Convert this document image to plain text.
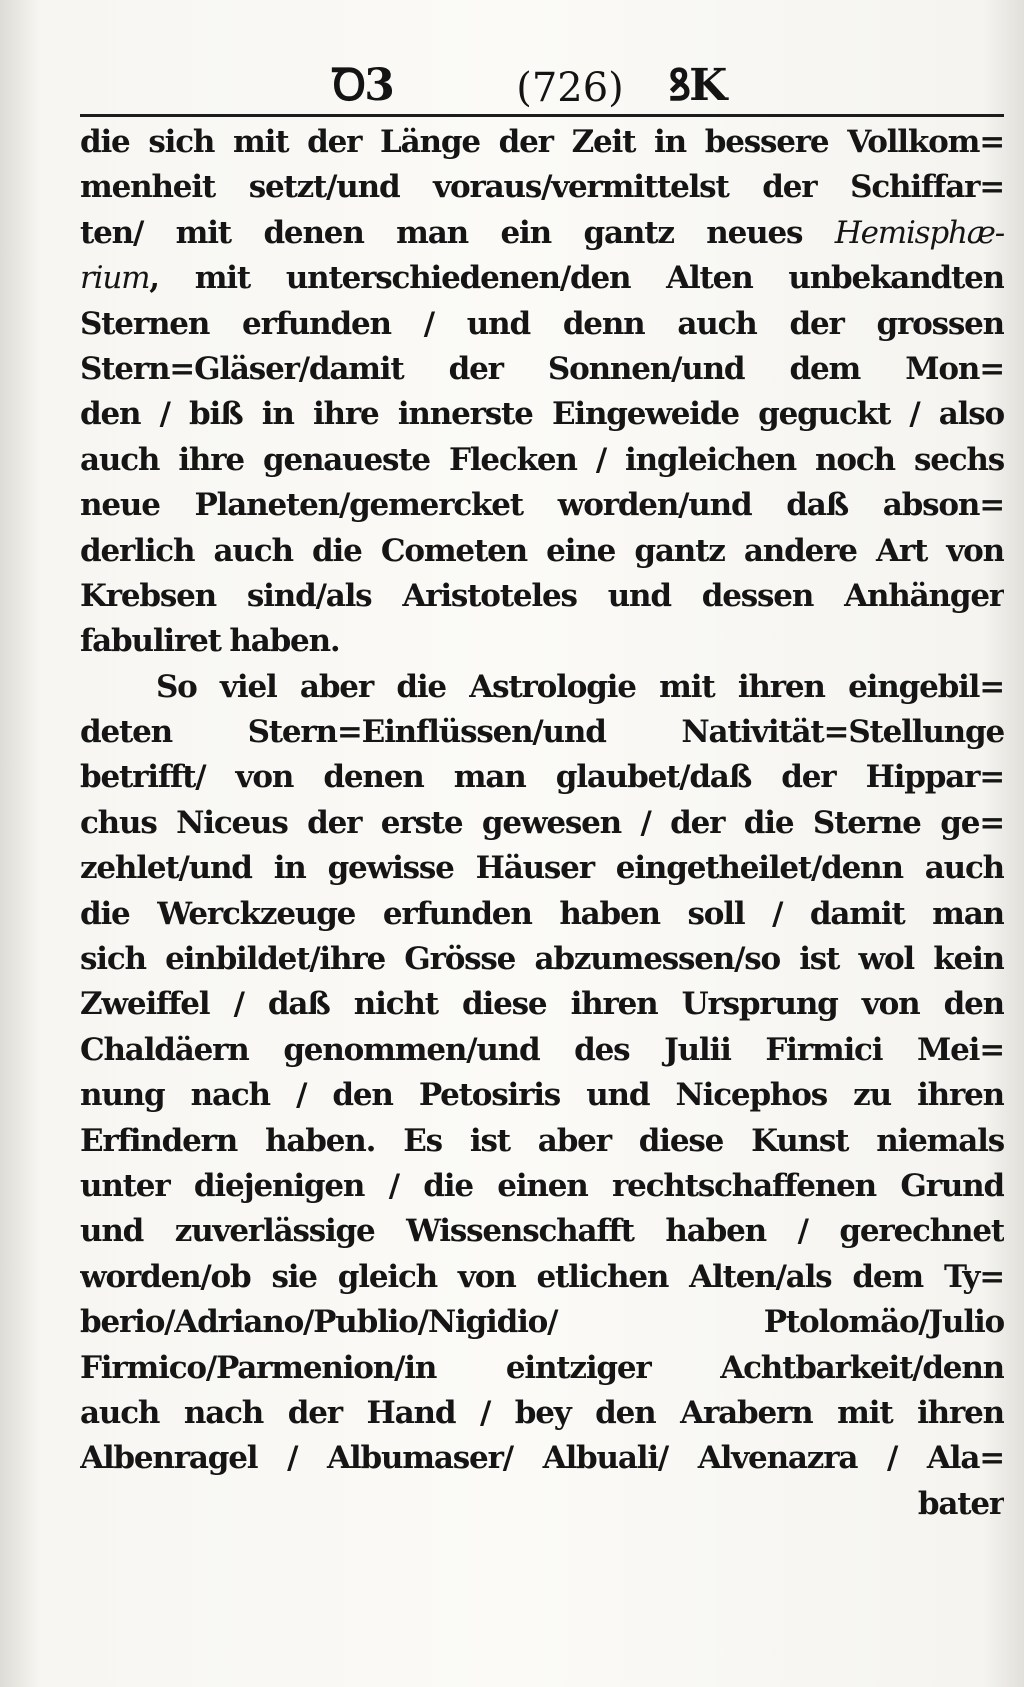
Ꝺ3	(726)	ꝸK
die sich mit der Länge der Zeit in bessere Vollkom=
menheit setzt/und voraus/vermittelst der Schiffar=
ten/ mit denen man ein gantz neues Hemisphæ-
rium, mit unterschiedenen/den Alten unbekandten
Sternen erfunden / und denn auch der grossen
Stern=Gläser/damit der Sonnen/und dem Mon=
den / biß in ihre innerste Eingeweide geguckt / also
auch ihre genaueste Flecken / ingleichen noch sechs
neue Planeten/gemercket worden/und daß abson=
derlich auch die Cometen eine gantz andere Art von
Krebsen sind/als Aristoteles und dessen Anhänger
fabuliret haben.
So viel aber die Astrologie mit ihren eingebil=
deten Stern=Einflüssen/und Nativität=Stellunge
betrifft/ von denen man glaubet/daß der Hippar=
chus Niceus der erste gewesen / der die Sterne ge=
zehlet/und in gewisse Häuser eingetheilet/denn auch
die Werckzeuge erfunden haben soll / damit man
sich einbildet/ihre Grösse abzumessen/so ist wol kein
Zweiffel / daß nicht diese ihren Ursprung von den
Chaldäern genommen/und des Julii Firmici Mei=
nung nach / den Petosiris und Nicephos zu ihren
Erfindern haben. Es ist aber diese Kunst niemals
unter diejenigen / die einen rechtschaffenen Grund
und zuverlässige Wissenschafft haben / gerechnet
worden/ob sie gleich von etlichen Alten/als dem Ty=
berio/Adriano/Publio/Nigidio/ Ptolomäo/Julio
Firmico/Parmenion/in eintziger Achtbarkeit/denn
auch nach der Hand / bey den Arabern mit ihren
Albenragel / Albumaser/ Albuali/ Alvenazra / Ala=
bater
